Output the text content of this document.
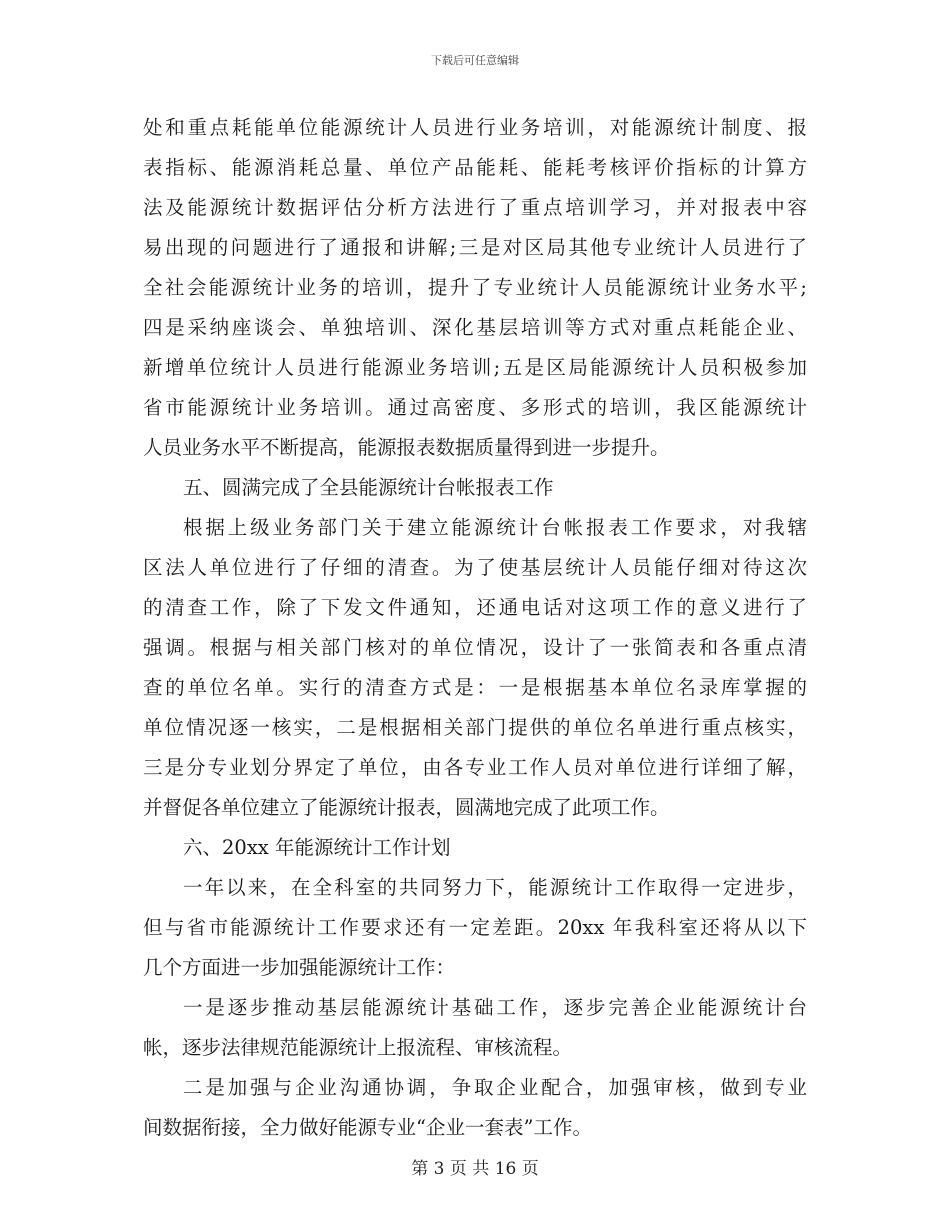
下载后可任意编辑
处和重点耗能单位能源统计人员进行业务培训，对能源统计制度、报
表指标、能源消耗总量、单位产品能耗、能耗考核评价指标的计算方
法及能源统计数据评估分析方法进行了重点培训学习，并对报表中容
易出现的问题进行了通报和讲解;三是对区局其他专业统计人员进行了
全社会能源统计业务的培训，提升了专业统计人员能源统计业务水平;
四是采纳座谈会、单独培训、深化基层培训等方式对重点耗能企业、
新增单位统计人员进行能源业务培训;五是区局能源统计人员积极参加
省市能源统计业务培训。通过高密度、多形式的培训，我区能源统计
人员业务水平不断提高，能源报表数据质量得到进一步提升。
五、圆满完成了全县能源统计台帐报表工作
根据上级业务部门关于建立能源统计台帐报表工作要求，对我辖
区法人单位进行了仔细的清查。为了使基层统计人员能仔细对待这次
的清查工作，除了下发文件通知，还通电话对这项工作的意义进行了
强调。根据与相关部门核对的单位情况，设计了一张简表和各重点清
查的单位名单。实行的清查方式是：一是根据基本单位名录库掌握的
单位情况逐一核实，二是根据相关部门提供的单位名单进行重点核实，
三是分专业划分界定了单位，由各专业工作人员对单位进行详细了解，
并督促各单位建立了能源统计报表，圆满地完成了此项工作。
六、20xx 年能源统计工作计划
一年以来，在全科室的共同努力下，能源统计工作取得一定进步，
但与省市能源统计工作要求还有一定差距。20xx 年我科室还将从以下
几个方面进一步加强能源统计工作：
一是逐步推动基层能源统计基础工作，逐步完善企业能源统计台
帐，逐步法律规范能源统计上报流程、审核流程。
二是加强与企业沟通协调，争取企业配合，加强审核，做到专业
间数据衔接，全力做好能源专业“企业一套表”工作。
第 3 页 共 16 页
